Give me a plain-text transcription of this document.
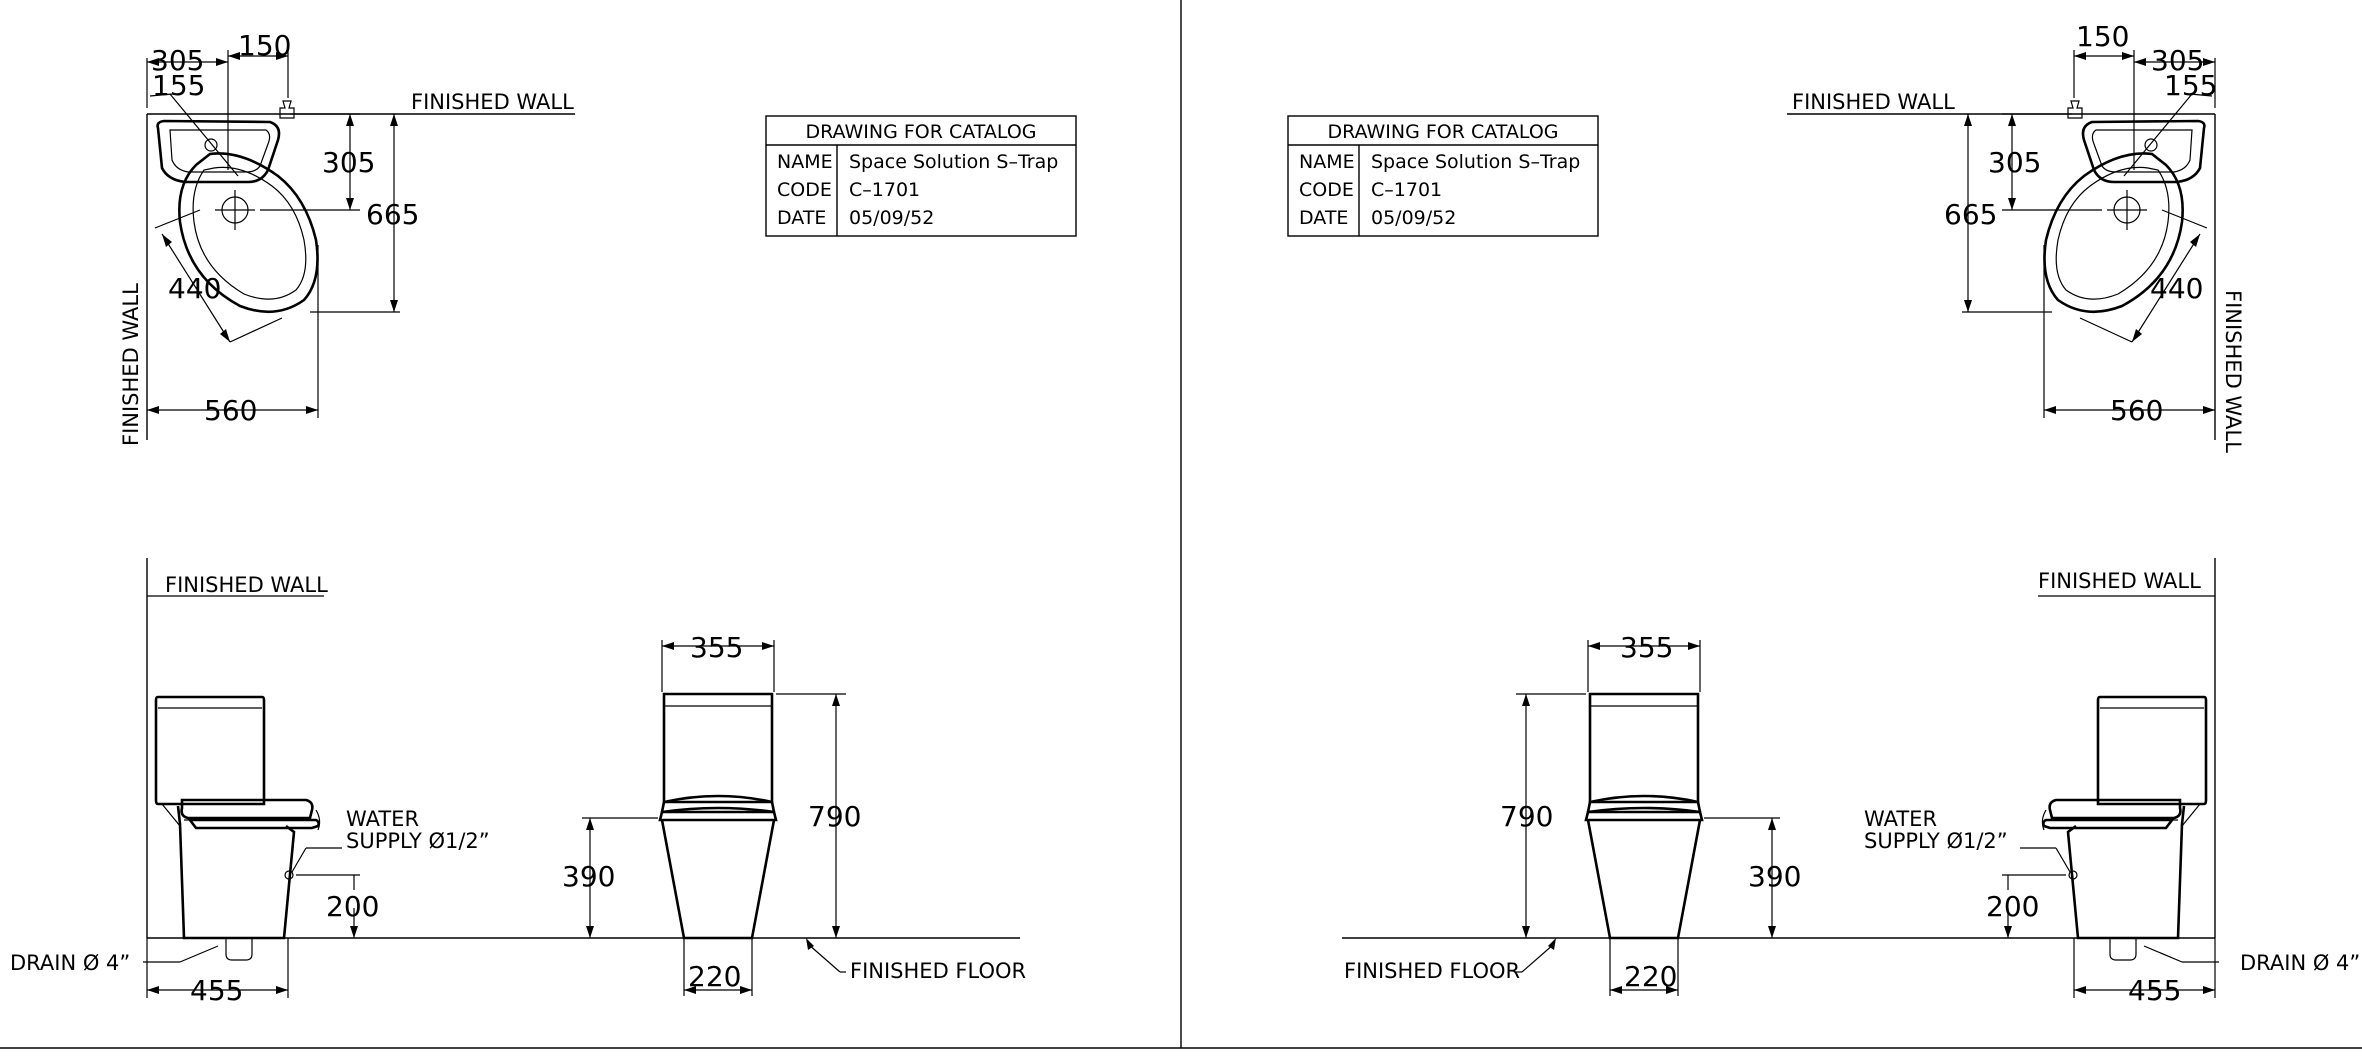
FINISHED WALL
FINISHED WALL
305 150
155
305
665
440
560
DRAWING FOR CATALOG
NAME Space Solution S–Trap
CODE C–1701
DATE 05/09/52
FINISHED WALL
WATER
SUPPLY Ø1/2”
200
DRAIN Ø 4”
455
355
790
390
220	FINISHED FLOOR
FINISHED WALL
FINISHED WALL
305
150
155
305
665
440
560
DRAWING FOR CATALOG
NAME Space Solution S–Trap
CODE C–1701
DATE 05/09/52
FINISHED WALL
WATER
SUPPLY Ø1/2”
200
DRAIN Ø 4”
455
355
790
390
220
FINISHED FLOOR
